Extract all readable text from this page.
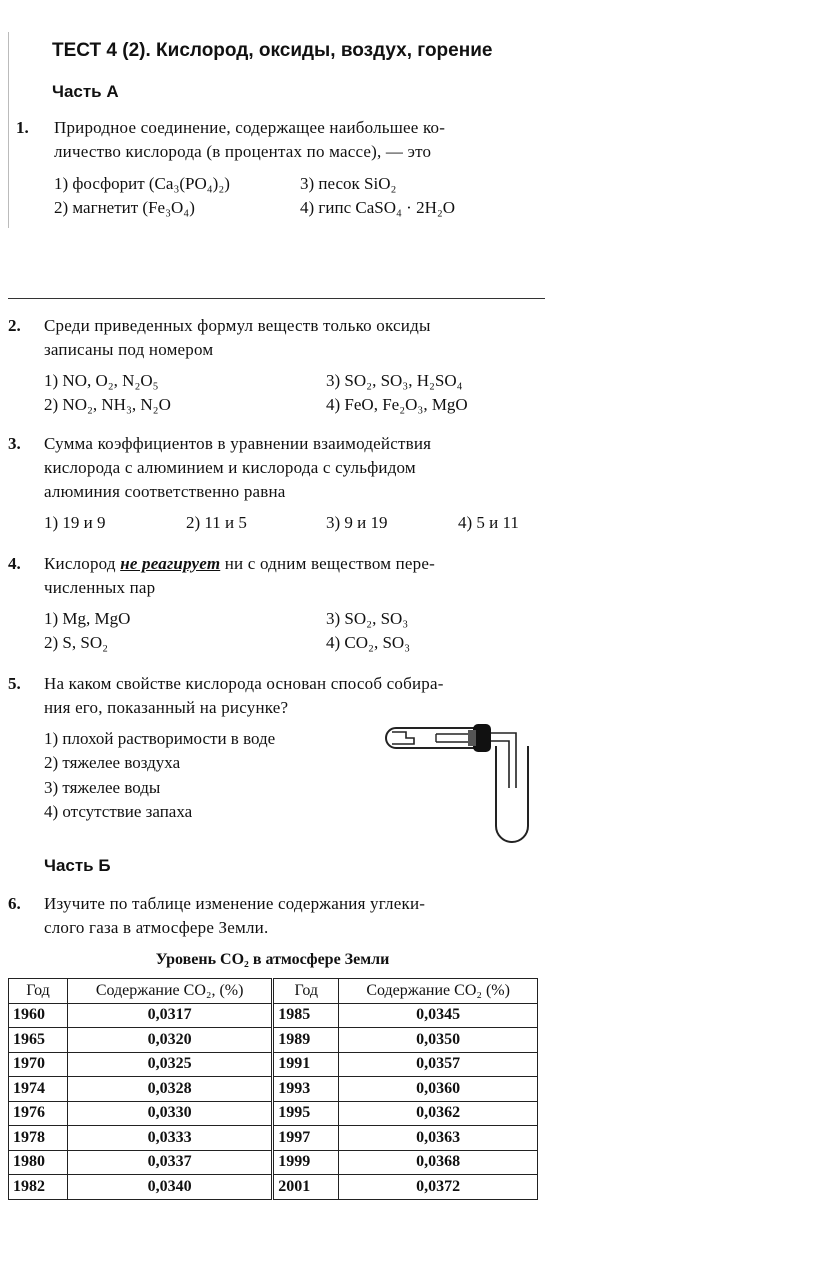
ТЕСТ 4 (2). Кислород, оксиды, воздух, горение
Часть А
1. Природное соединение, содержащее наибольшее ко-
личество кислорода (в процентах по массе), — это
1) фосфорит (Ca₃(PO₄)₂)	3) песок SiO₂
2) магнетит (Fe₃O₄)	4) гипс CaSO₄ · 2H₂O
2. Среди приведенных формул веществ только оксиды
записаны под номером
1) NO, O₂, N₂O₅	3) SO₂, SO₃, H₂SO₄
2) NO₂, NH₃, N₂O	4) FeO, Fe₂O₃, MgO
3. Сумма коэффициентов в уравнении взаимодействия
кислорода с алюминием и кислорода с сульфидом
алюминия соответственно равна
1) 19 и 9	2) 11 и 5	3) 9 и 19	4) 5 и 11
4. Кислород не реагирует ни с одним веществом пере-
численных пар
1) Mg, MgO	3) SO₂, SO₃
2) S, SO₂	4) CO₂, SO₃
5. На каком свойстве кислорода основан способ собира-
ния его, показанный на рисунке?
1) плохой растворимости в воде
2) тяжелее воздуха
3) тяжелее воды
4) отсутствие запаха
Часть Б
6. Изучите по таблице изменение содержания углеки-
слого газа в атмосфере Земли.
Уровень CO₂ в атмосфере Земли
Год	Содержание CO₂, (%)	Год	Содержание CO₂ (%)
1960	0,0317	1985	0,0345
1965	0,0320	1989	0,0350
1970	0,0325	1991	0,0357
1974	0,0328	1993	0,0360
1976	0,0330	1995	0,0362
1978	0,0333	1997	0,0363
1980	0,0337	1999	0,0368
1982	0,0340	2001	0,0372
